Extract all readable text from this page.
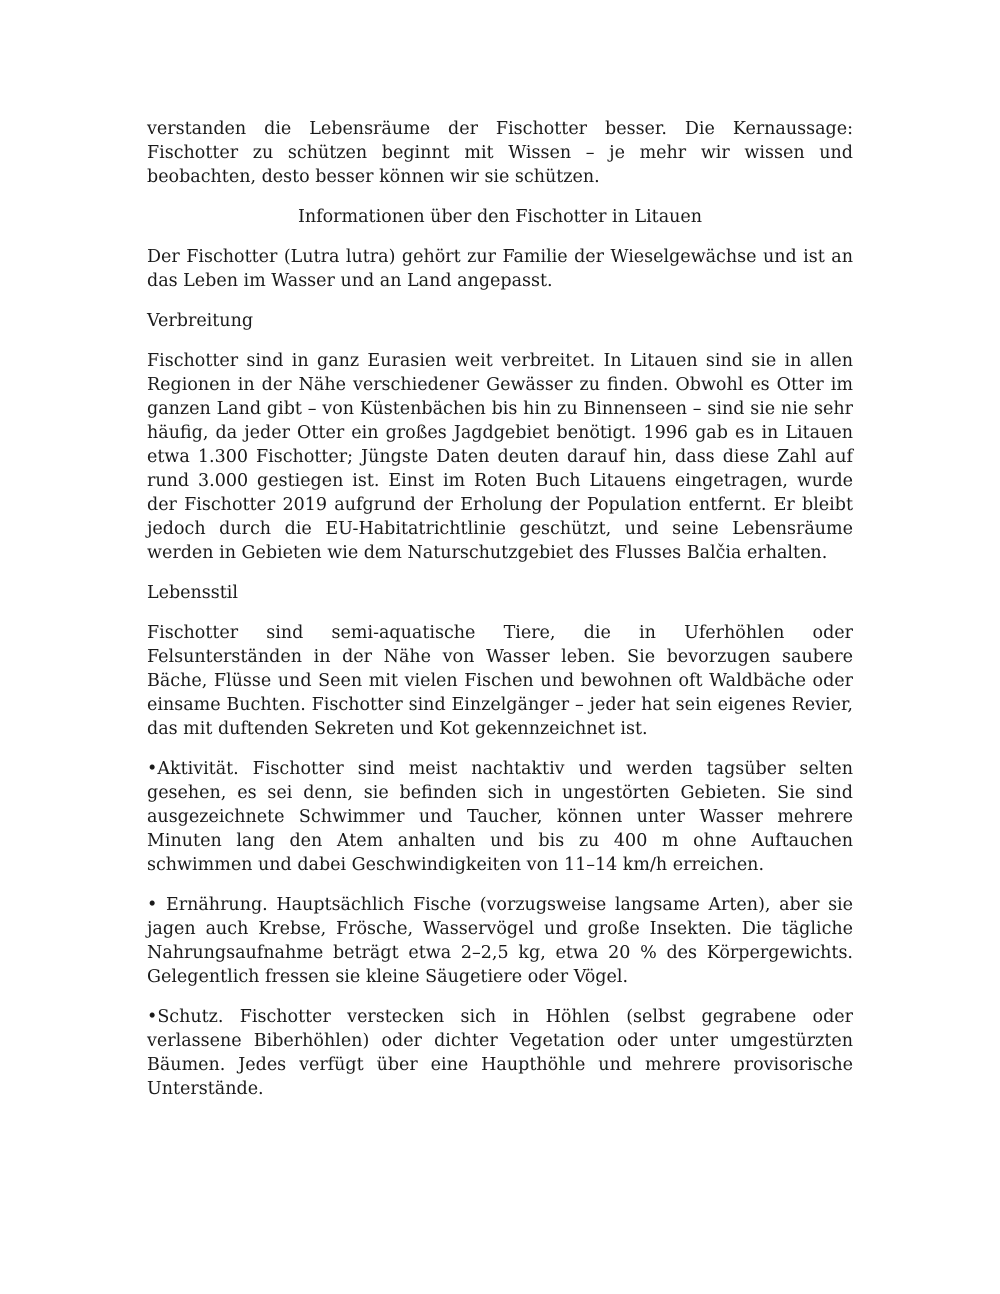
verstanden die Lebensräume der Fischotter besser. Die Kernaussage: Fischotter zu schützen beginnt mit Wissen – je mehr wir wissen und beobachten, desto besser können wir sie schützen.

Informationen über den Fischotter in Litauen

Der Fischotter (Lutra lutra) gehört zur Familie der Wieselgewächse und ist an das Leben im Wasser und an Land angepasst.

Verbreitung

Fischotter sind in ganz Eurasien weit verbreitet. In Litauen sind sie in allen Regionen in der Nähe verschiedener Gewässer zu finden. Obwohl es Otter im ganzen Land gibt – von Küstenbächen bis hin zu Binnenseen – sind sie nie sehr häufig, da jeder Otter ein großes Jagdgebiet benötigt. 1996 gab es in Litauen etwa 1.300 Fischotter; Jüngste Daten deuten darauf hin, dass diese Zahl auf rund 3.000 gestiegen ist. Einst im Roten Buch Litauens eingetragen, wurde der Fischotter 2019 aufgrund der Erholung der Population entfernt. Er bleibt jedoch durch die EU-Habitatrichtlinie geschützt, und seine Lebensräume werden in Gebieten wie dem Naturschutzgebiet des Flusses Balčia erhalten.

Lebensstil

Fischotter sind semi-aquatische Tiere, die in Uferhöhlen oder Felsunterständen in der Nähe von Wasser leben. Sie bevorzugen saubere Bäche, Flüsse und Seen mit vielen Fischen und bewohnen oft Waldbäche oder einsame Buchten. Fischotter sind Einzelgänger – jeder hat sein eigenes Revier, das mit duftenden Sekreten und Kot gekennzeichnet ist.

•Aktivität. Fischotter sind meist nachtaktiv und werden tagsüber selten gesehen, es sei denn, sie befinden sich in ungestörten Gebieten. Sie sind ausgezeichnete Schwimmer und Taucher, können unter Wasser mehrere Minuten lang den Atem anhalten und bis zu 400 m ohne Auftauchen schwimmen und dabei Geschwindigkeiten von 11–14 km/h erreichen.

• Ernährung. Hauptsächlich Fische (vorzugsweise langsame Arten), aber sie jagen auch Krebse, Frösche, Wasservögel und große Insekten. Die tägliche Nahrungsaufnahme beträgt etwa 2–2,5 kg, etwa 20 % des Körpergewichts. Gelegentlich fressen sie kleine Säugetiere oder Vögel.

•Schutz. Fischotter verstecken sich in Höhlen (selbst gegrabene oder verlassene Biberhöhlen) oder dichter Vegetation oder unter umgestürzten Bäumen. Jedes verfügt über eine Haupthöhle und mehrere provisorische Unterstände.
